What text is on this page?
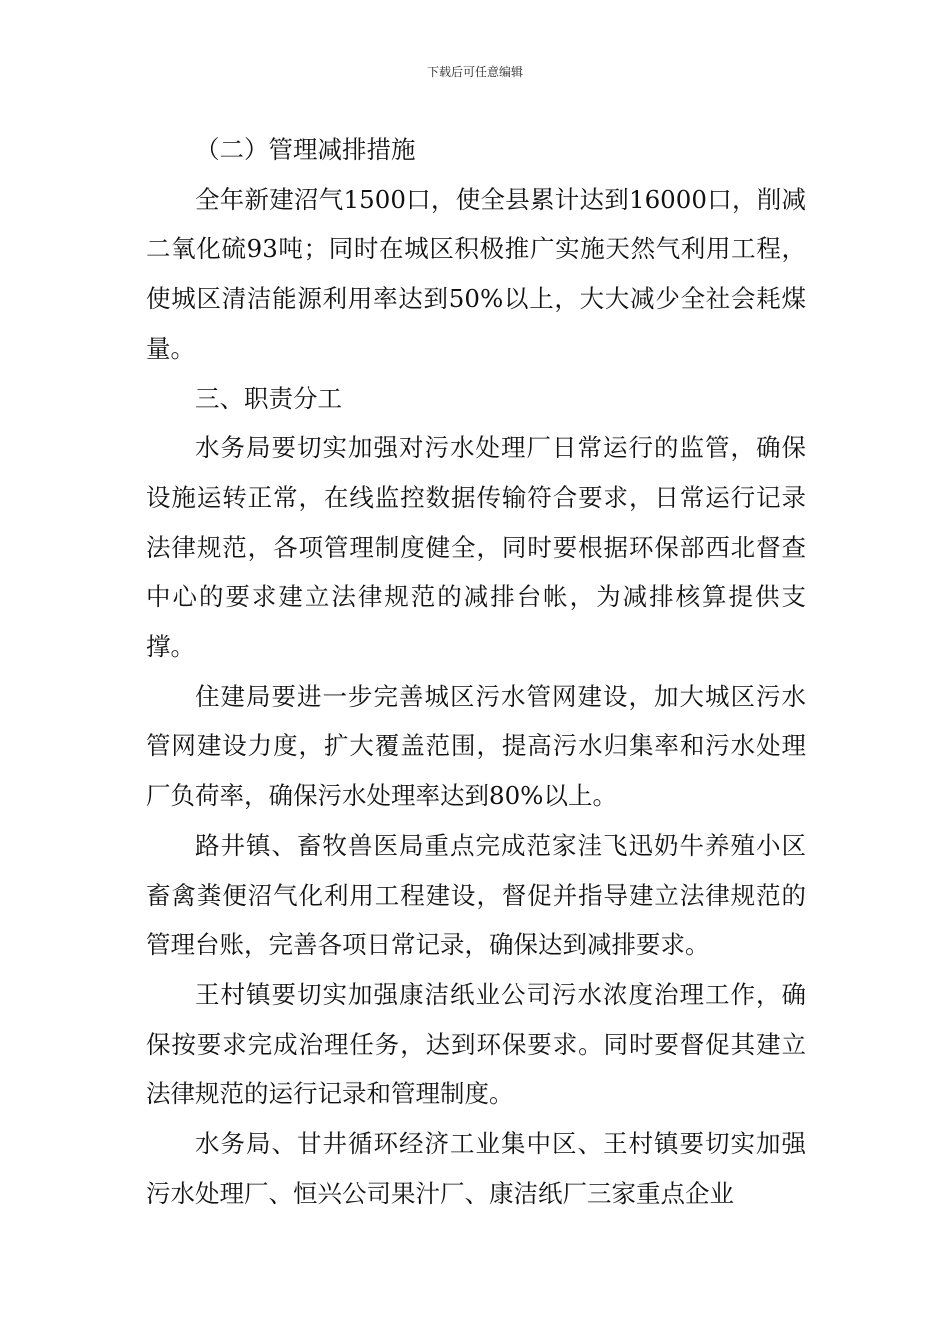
下载后可任意编辑

（二）管理减排措施

全年新建沼气1500口，使全县累计达到16000口，削减二氧化硫93吨；同时在城区积极推广实施天然气利用工程，使城区清洁能源利用率达到50%以上，大大减少全社会耗煤量。

三、职责分工

水务局要切实加强对污水处理厂日常运行的监管，确保设施运转正常，在线监控数据传输符合要求，日常运行记录法律规范，各项管理制度健全，同时要根据环保部西北督查中心的要求建立法律规范的减排台帐，为减排核算提供支撑。

住建局要进一步完善城区污水管网建设，加大城区污水管网建设力度，扩大覆盖范围，提高污水归集率和污水处理厂负荷率，确保污水处理率达到80%以上。

路井镇、畜牧兽医局重点完成范家洼飞迅奶牛养殖小区畜禽粪便沼气化利用工程建设，督促并指导建立法律规范的管理台账，完善各项日常记录，确保达到减排要求。

王村镇要切实加强康洁纸业公司污水浓度治理工作，确保按要求完成治理任务，达到环保要求。同时要督促其建立法律规范的运行记录和管理制度。

水务局、甘井循环经济工业集中区、王村镇要切实加强污水处理厂、恒兴公司果汁厂、康洁纸厂三家重点企业
